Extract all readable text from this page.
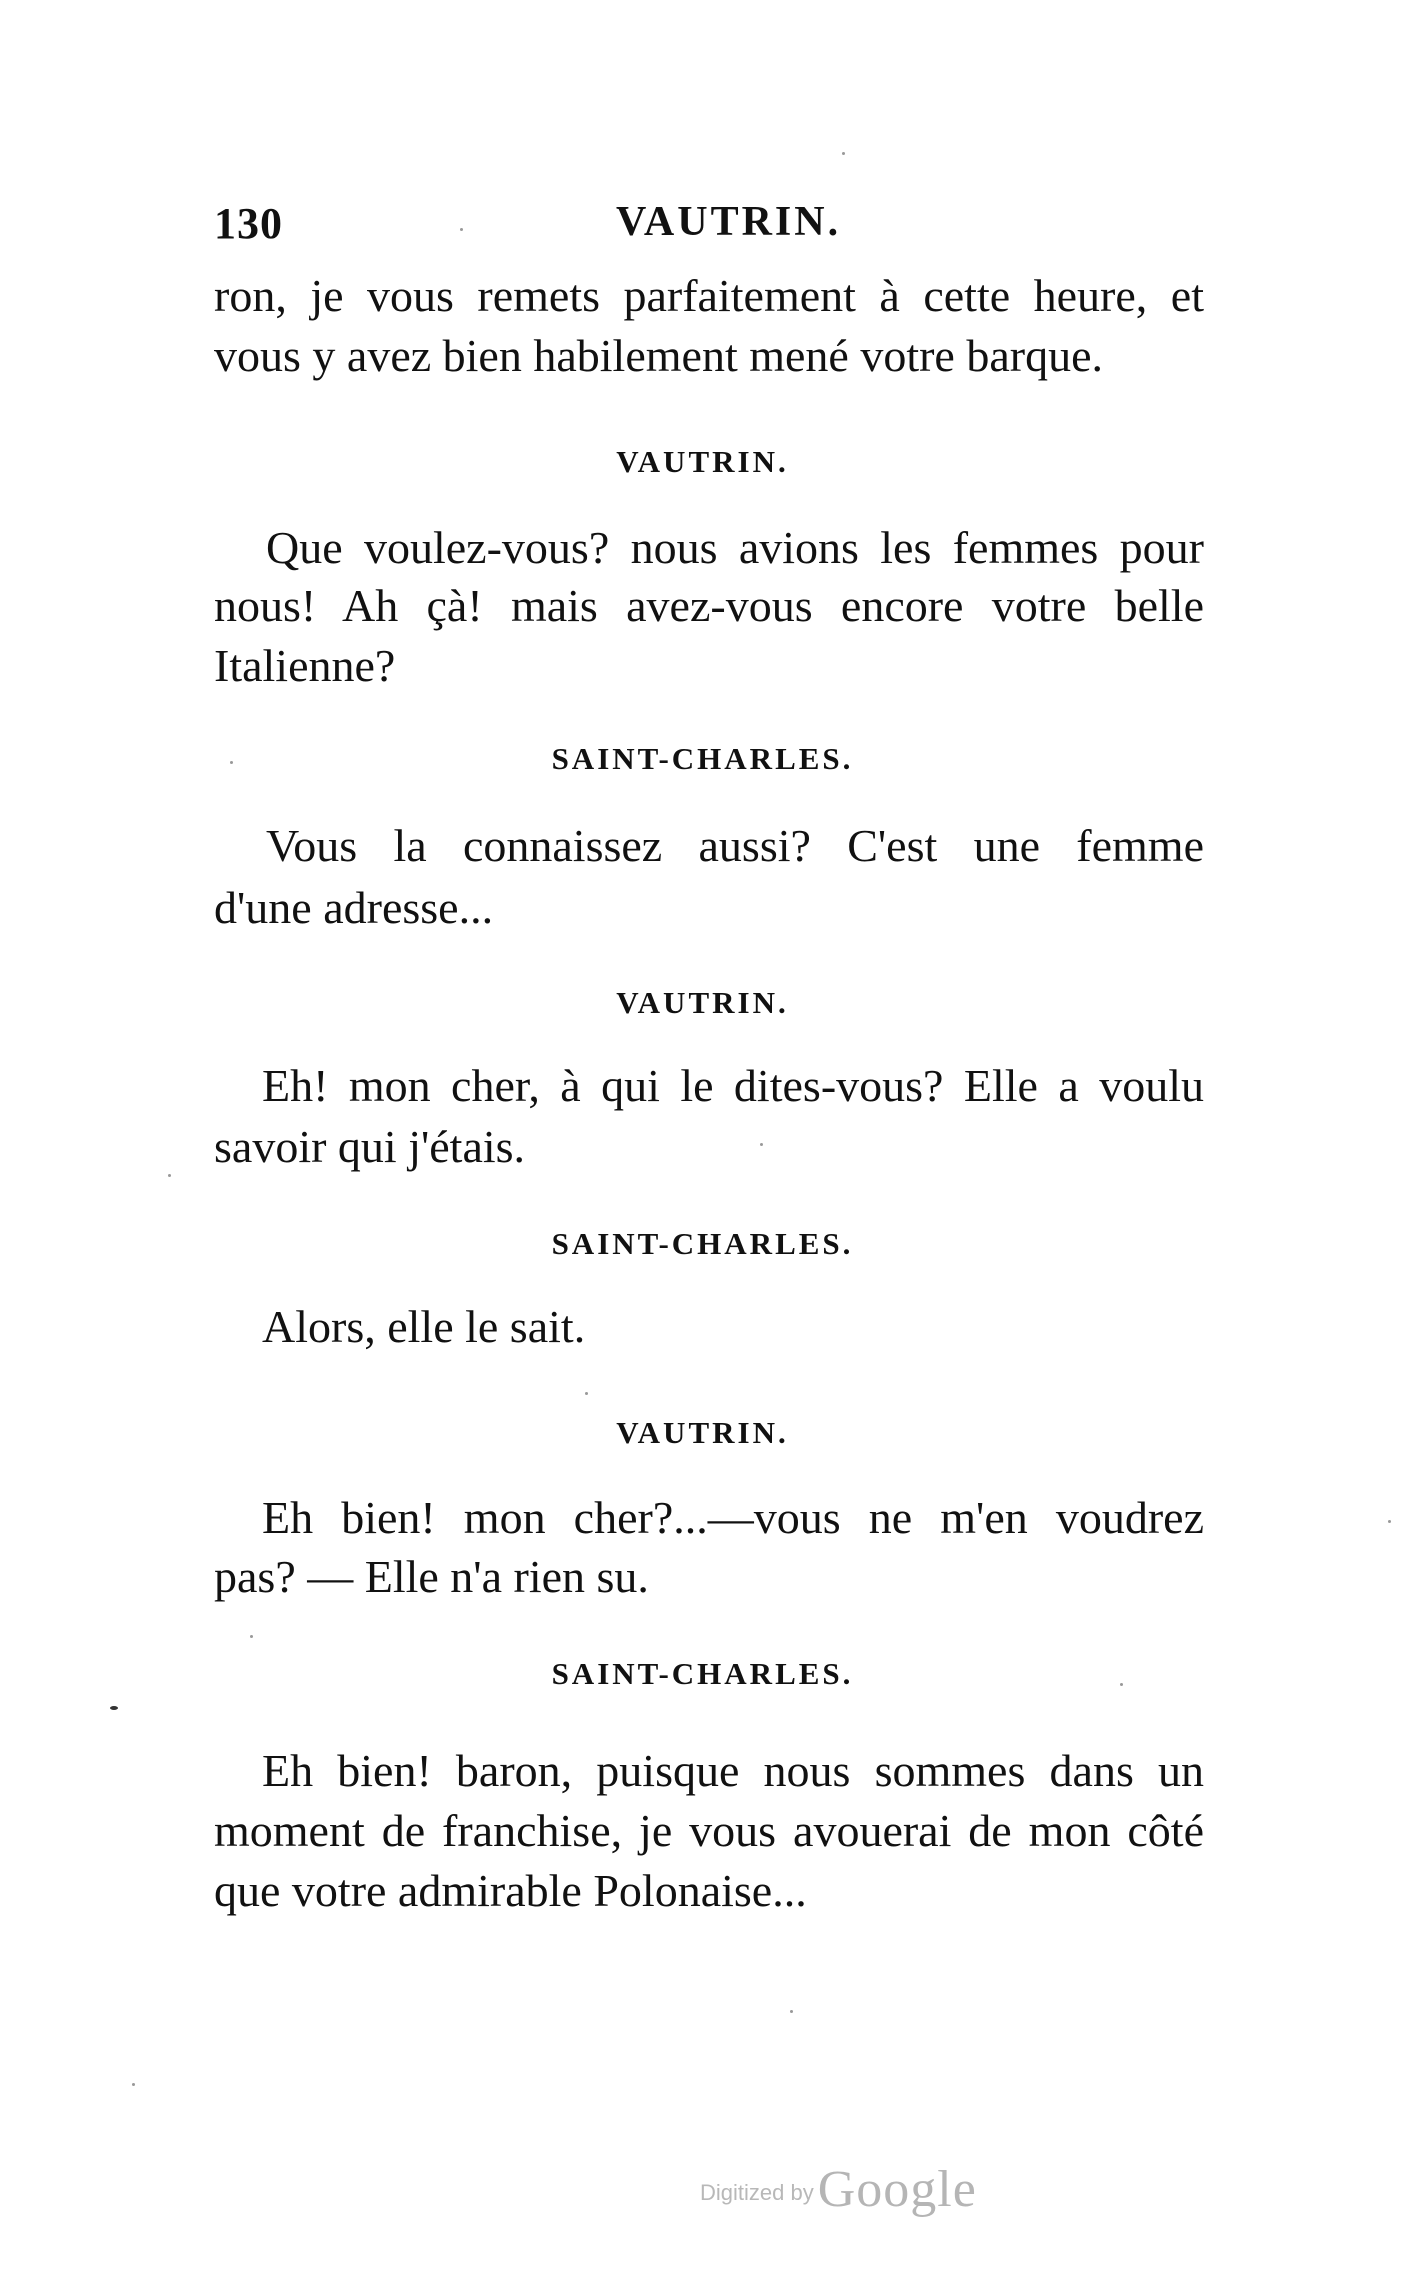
130	VAUTRIN.
ron, je vous remets parfaitement à cette heure, et
vous y avez bien habilement mené votre barque.
VAUTRIN.
Que voulez-vous? nous avions les femmes pour
nous! Ah çà! mais avez-vous encore votre belle
Italienne?
SAINT-CHARLES.
Vous la connaissez aussi? C'est une femme
d'une adresse...
VAUTRIN.
Eh! mon cher, à qui le dites-vous? Elle a voulu
savoir qui j'étais.
SAINT-CHARLES.
Alors, elle le sait.
VAUTRIN.
Eh bien! mon cher?...—vous ne m'en voudrez
pas? — Elle n'a rien su.
SAINT-CHARLES.
Eh bien! baron, puisque nous sommes dans un
moment de franchise, je vous avouerai de mon côté
que votre admirable Polonaise...
Digitized by Google
